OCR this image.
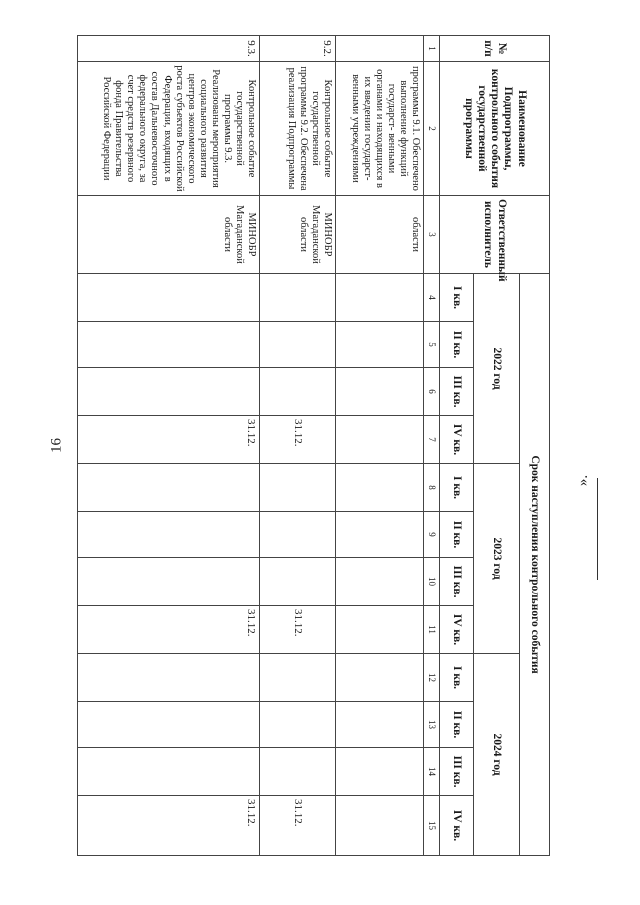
16
».
№ п/п	Наименование Подпрограммы, контрольного события государственной программы	Ответственный исполнитель	Срок наступления контрольного события											
			2022 год				2023 год				2024 год			
			I кв.	II кв.	III кв.	IV кв.	I кв.	II кв.	III кв.	IV кв.	I кв.	II кв.	III кв.	IV кв.
1	2	3	4	5	6	7	8	9	10	11	12	13	14	15
	программы 9.1. Обеспечено выполнение функций государст- венными органами и находящихся в их введении государст- венными учреждениями	области												
9.2.	Контрольное событие государственной программы 9.2. Обеспечена реализация Подпрограммы	МИНОБР Магаданской области				31.12.				31.12.				31.12.
9.3.	Контрольное событие государственной программы 9.3. Реализованы мероприятия социального развития центров экономического роста субъектов Российской Федерации, входящих в состав Дальневосточного федерального округа, за счет средств резервного фонда Правительства Российской Федерации	МИНОБР Магаданской области				31.12.				31.12.				31.12.
